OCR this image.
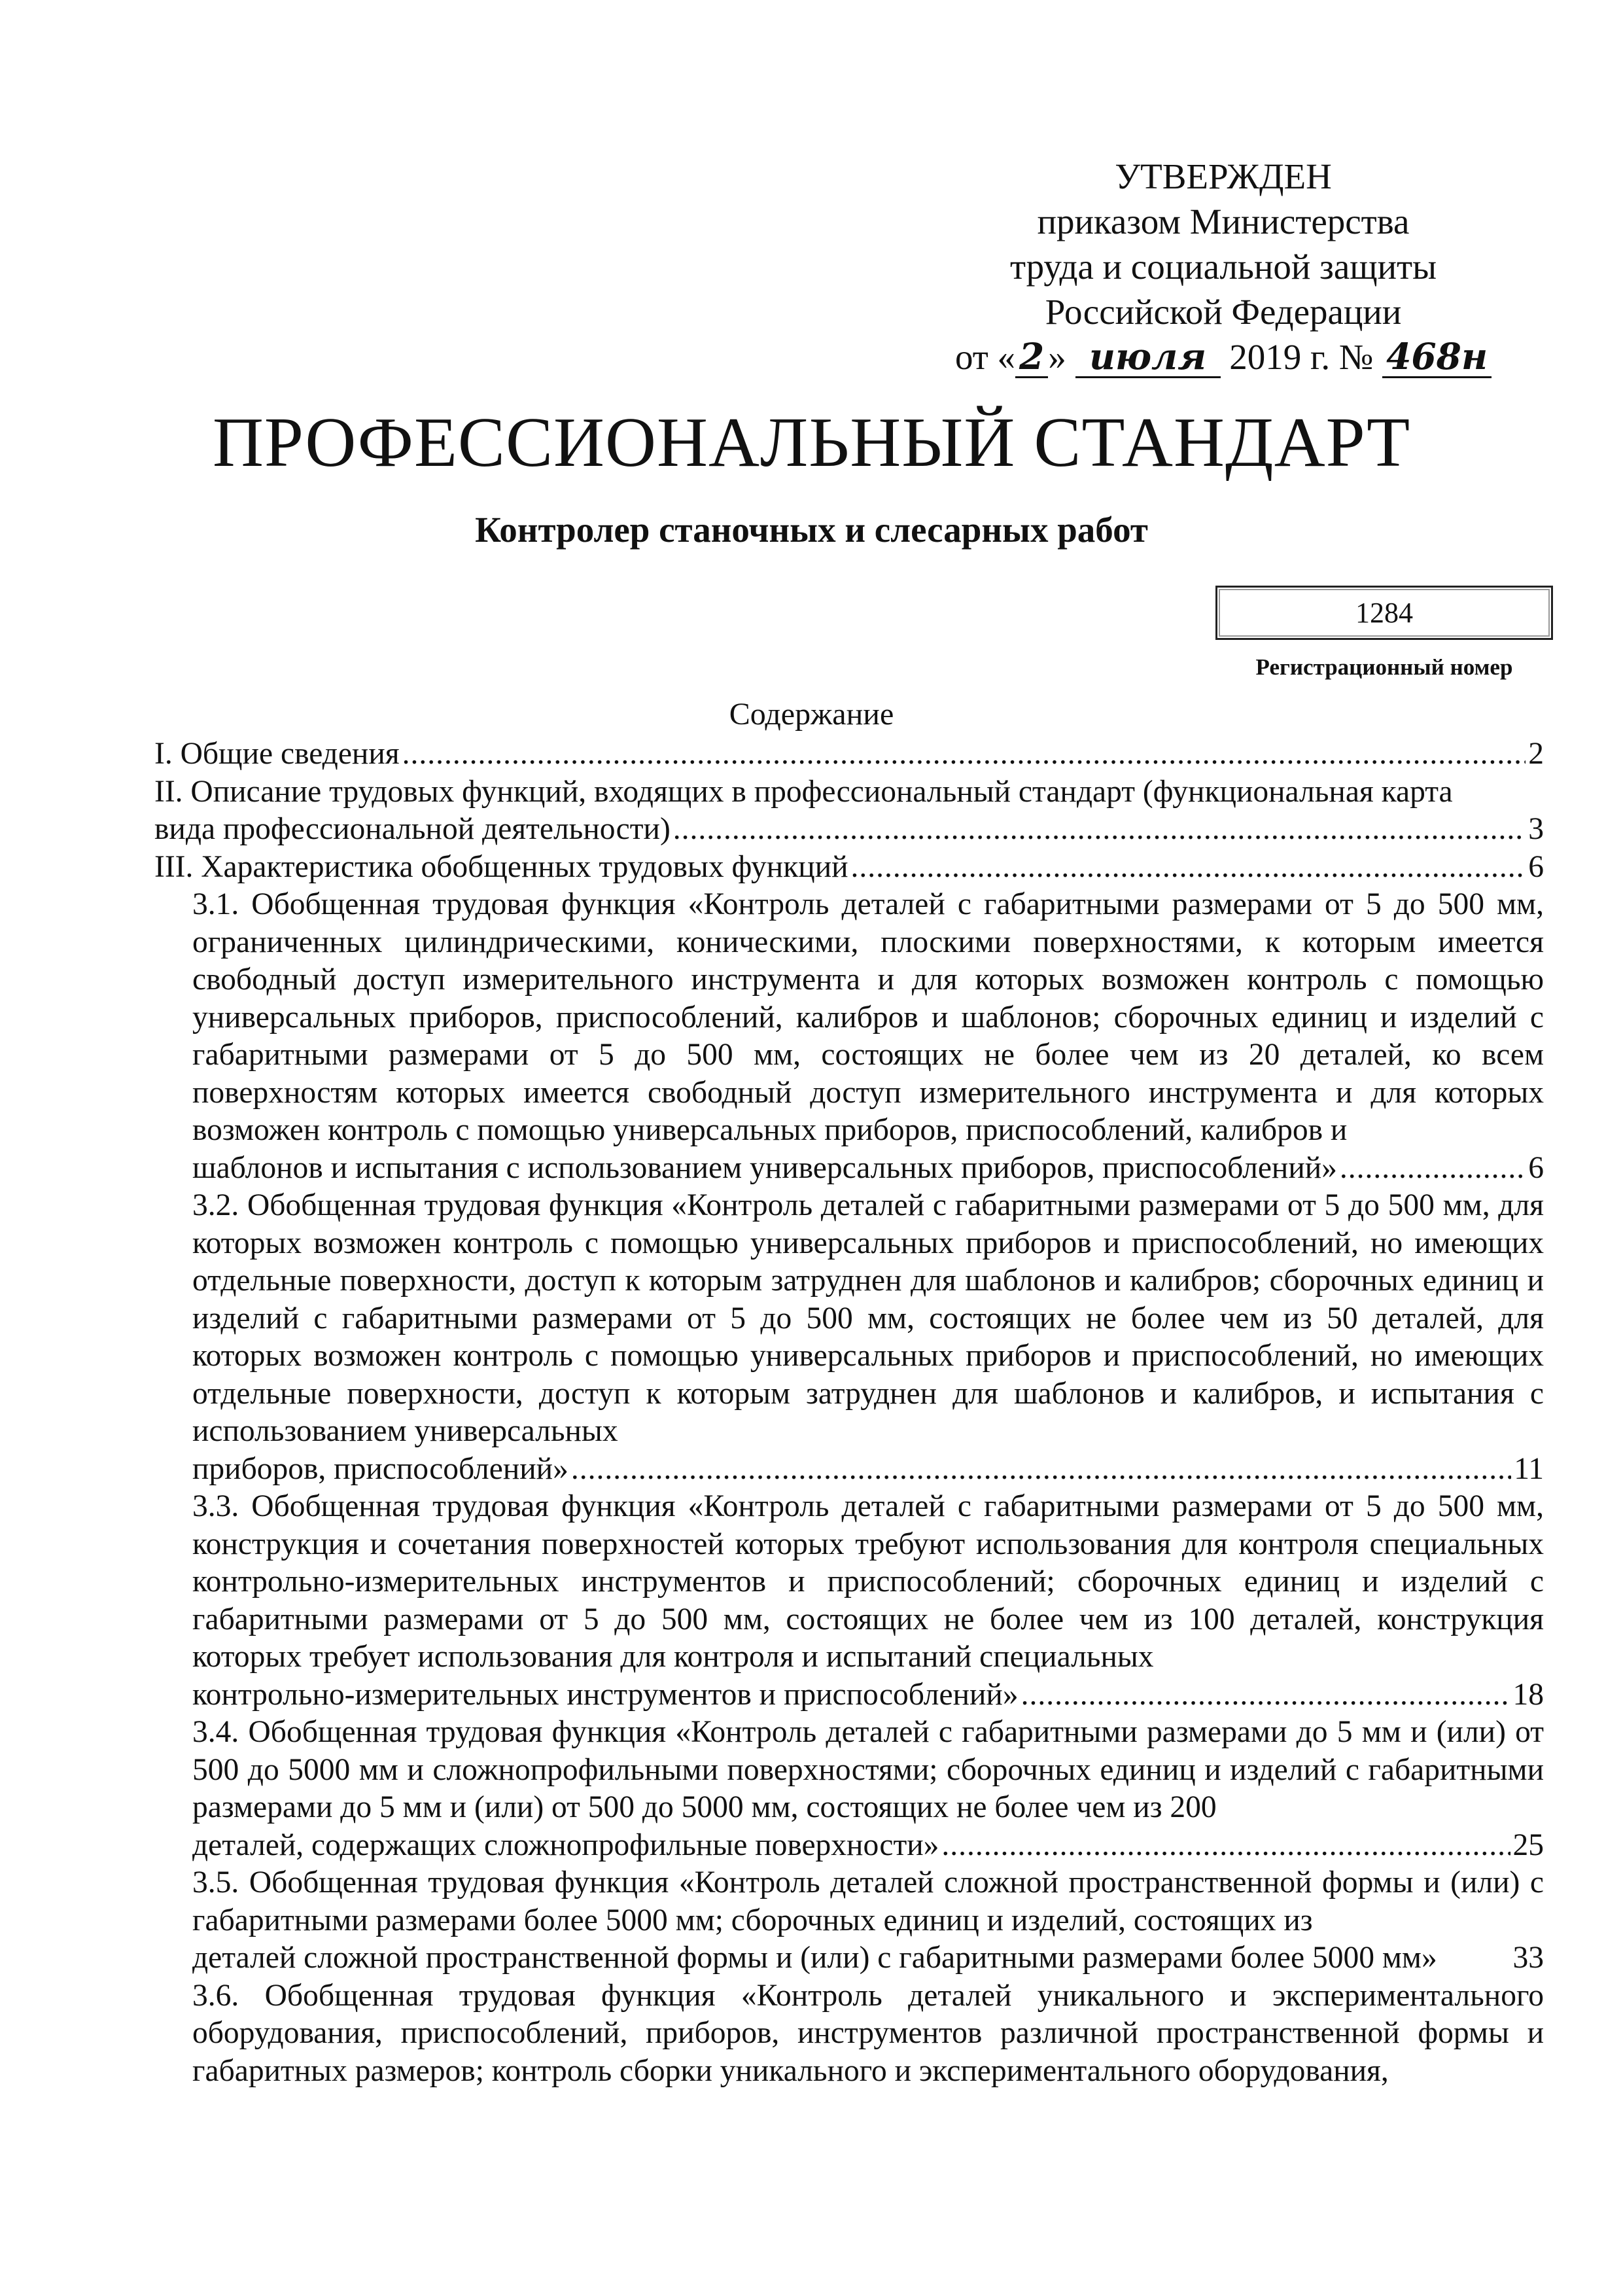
УТВЕРЖДЕН
приказом Министерства
труда и социальной защиты
Российской Федерации
от « 2 » июля 2019 г. № 468н
ПРОФЕССИОНАЛЬНЫЙ СТАНДАРТ
Контролер станочных и слесарных работ
1284
Регистрационный номер
Содержание
I. Общие сведения .....	2
II. Описание трудовых функций, входящих в профессиональный стандарт (функциональная карта
вида профессиональной деятельности) .....	3
III. Характеристика обобщенных трудовых функций .....	6
3.1. Обобщенная трудовая функция «Контроль деталей с габаритными размерами от 5 до 500 мм, ограниченных цилиндрическими, коническими, плоскими поверхностями, к которым имеется свободный доступ измерительного инструмента и для которых возможен контроль с помощью универсальных приборов, приспособлений, калибров и шаблонов; сборочных единиц и изделий с габаритными размерами от 5 до 500 мм, состоящих не более чем из 20 деталей, ко всем поверхностям которых имеется свободный доступ измерительного инструмента и для которых возможен контроль с помощью универсальных приборов, приспособлений, калибров и
шаблонов и испытания с использованием универсальных приборов, приспособлений» .....	6
3.2. Обобщенная трудовая функция «Контроль деталей с габаритными размерами от 5 до 500 мм, для которых возможен контроль с помощью универсальных приборов и приспособлений, но имеющих отдельные поверхности, доступ к которым затруднен для шаблонов и калибров; сборочных единиц и изделий с габаритными размерами от 5 до 500 мм, состоящих не более чем из 50 деталей, для которых возможен контроль с помощью универсальных приборов и приспособлений, но имеющих отдельные поверхности, доступ к которым затруднен для шаблонов и калибров, и испытания с использованием универсальных
приборов, приспособлений» .....	11
3.3. Обобщенная трудовая функция «Контроль деталей с габаритными размерами от 5 до 500 мм, конструкция и сочетания поверхностей которых требуют использования для контроля специальных контрольно-измерительных инструментов и приспособлений; сборочных единиц и изделий с габаритными размерами от 5 до 500 мм, состоящих не более чем из 100 деталей, конструкция которых требует использования для контроля и испытаний специальных
контрольно-измерительных инструментов и приспособлений» .....	18
3.4. Обобщенная трудовая функция «Контроль деталей с габаритными размерами до 5 мм и (или) от 500 до 5000 мм и сложнопрофильными поверхностями; сборочных единиц и изделий с габаритными размерами до 5 мм и (или) от 500 до 5000 мм, состоящих не более чем из 200
деталей, содержащих сложнопрофильные поверхности» .....	25
3.5. Обобщенная трудовая функция «Контроль деталей сложной пространственной формы и (или) с габаритными размерами более 5000 мм; сборочных единиц и изделий, состоящих из
деталей сложной пространственной формы и (или) с габаритными размерами более 5000 мм» 33
3.6. Обобщенная трудовая функция «Контроль деталей уникального и экспериментального оборудования, приспособлений, приборов, инструментов различной пространственной формы и габаритных размеров; контроль сборки уникального и экспериментального оборудования,
